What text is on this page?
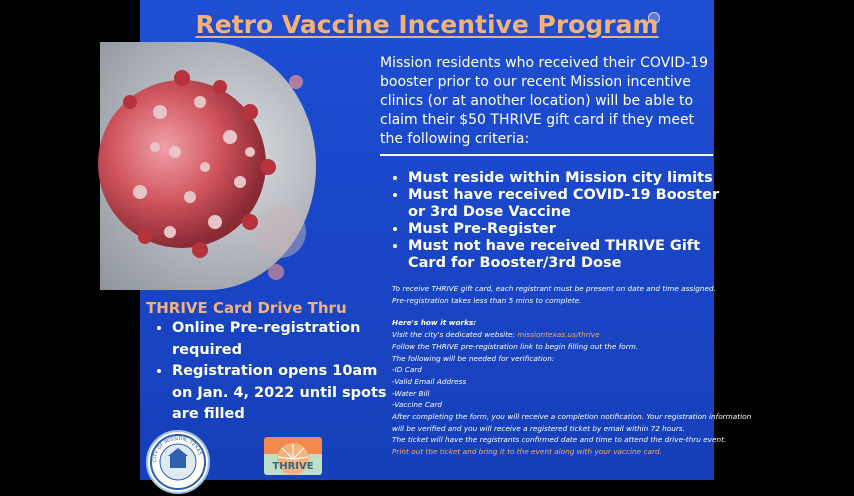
Retro Vaccine Incentive Program
Mission residents who received their COVID-19 booster prior to our recent Mission incentive clinics (or at another location) will be able to claim their $50 THRIVE gift card if they meet the following criteria:
• Must reside within Mission city limits
• Must have received COVID-19 Booster or 3rd Dose Vaccine
• Must Pre-Register
• Must not have received THRIVE Gift Card for Booster/3rd Dose
To receive THRIVE gift card, each registrant must be present on date and time assigned.
Pre-registration takes less than 5 mins to complete.
Here's how it works:
Visit the city's dedicated website: missiontexas.us/thrive
Follow the THRIVE pre-registration link to begin filling out the form.
The following will be needed for verification:
-ID Card
-Valid Email Address
-Water Bill
-Vaccine Card
After completing the form, you will receive a completion notification. Your registration information
will be verified and you will receive a registered ticket by email within 72 hours.
The ticket will have the registrants confirmed date and time to attend the drive-thru event.
Print out the ticket and bring it to the event along with your vaccine card.
THRIVE Card Drive Thru
• Online Pre-registration required
• Registration opens 10am on Jan. 4, 2022 until spots are filled
CITY OF MISSION, TEXAS
THRIVE
